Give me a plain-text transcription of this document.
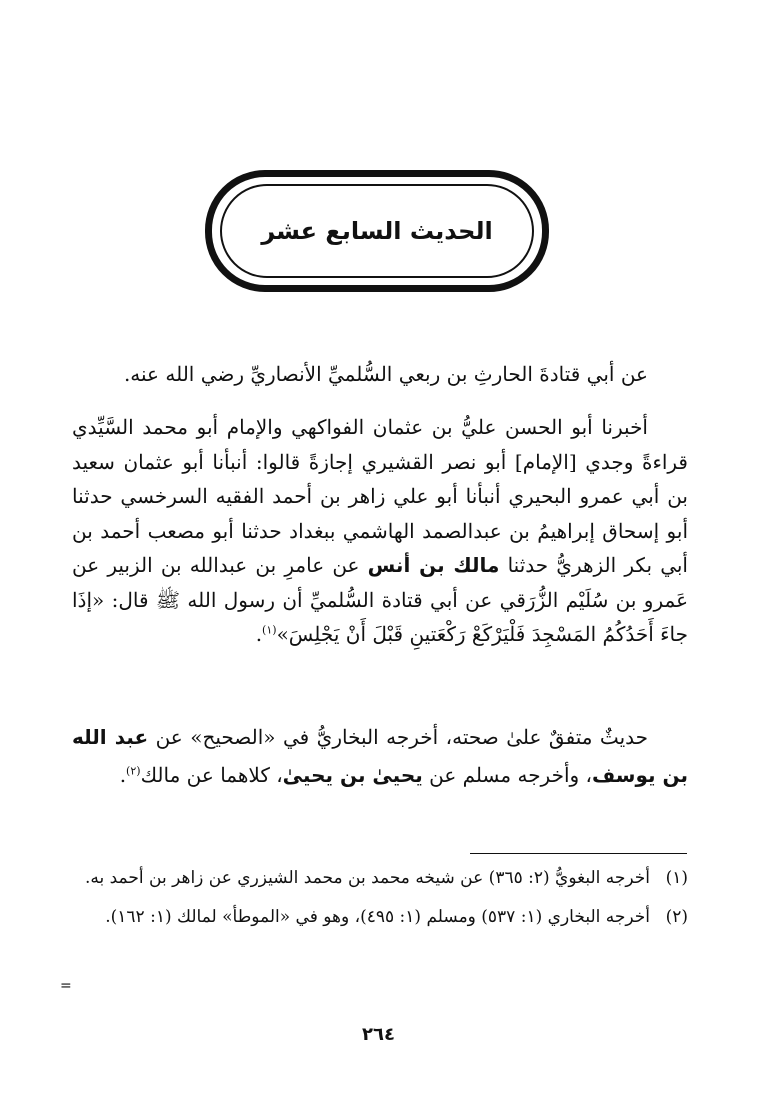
الحديث السابع عشر

عن أبي قتادةَ الحارثِ بن ربعي السُّلميِّ الأنصاريِّ رضي الله عنه.

أخبرنا أبو الحسن عليُّ بن عثمان الفواكهي والإمام أبو محمد السَّيِّدي قراءةً وجدي [الإمام] أبو نصر القشيري إجازةً قالوا: أنبأنا أبو عثمان سعيد بن أبي عمرو البحيري أنبأنا أبو علي زاهر بن أحمد الفقيه السرخسي حدثنا أبو إسحاق إبراهيمُ بن عبدالصمد الهاشمي ببغداد حدثنا أبو مصعب أحمد بن أبي بكر الزهريُّ حدثنا مالك بن أنس عن عامرِ بن عبدالله بن الزبير عن عَمرو بن سُلَيْم الزُّرَقي عن أبي قتادة السُّلميِّ أن رسول الله ﷺ قال: «إذَا جاءَ أَحَدُكُمُ المَسْجِدَ فَلْيَرْكَعْ رَكْعَتينِ قَبْلَ أَنْ يَجْلِسَ»$^{(١)}$.

حديثٌ متفقٌ علىٰ صحته، أخرجه البخاريُّ في «الصحيح» عن عبد الله بن يوسف، وأخرجه مسلم عن يحيىٰ بن يحيىٰ، كلاهما عن مالك$^{(٢)}$.

(١)
أخرجه البغويُّ (٢: ٣٦٥) عن شيخه محمد بن محمد الشيزري عن زاهر بن أحمد به.
(٢)
أخرجه البخاري (١: ٥٣٧) ومسلم (١: ٤٩٥)، وهو في «الموطأ» لمالك (١: ١٦٢).
=
٢٦٤
